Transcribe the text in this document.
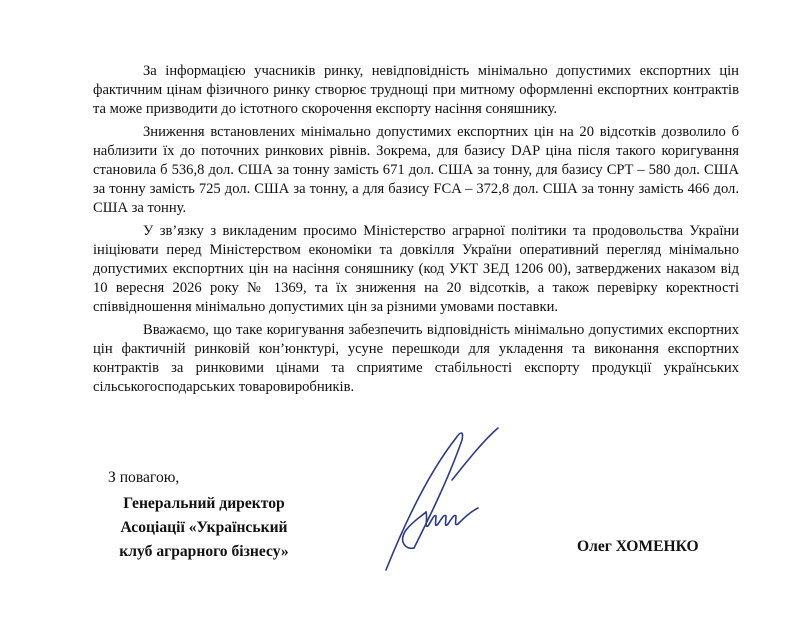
За інформацією учасників ринку, невідповідність мінімально допустимих експортних цін фактичним цінам фізичного ринку створює труднощі при митному оформленні експортних контрактів та може призводити до істотного скорочення експорту насіння соняшнику.

Зниження встановлених мінімально допустимих експортних цін на 20 відсотків дозволило б наблизити їх до поточних ринкових рівнів. Зокрема, для базису DAP ціна після такого коригування становила б 536,8 дол. США за тонну замість 671 дол. США за тонну, для базису CPT – 580 дол. США за тонну замість 725 дол. США за тонну, а для базису FCA – 372,8 дол. США за тонну замість 466 дол. США за тонну.

У зв’язку з викладеним просимо Міністерство аграрної політики та продовольства України ініціювати перед Міністерством економіки та довкілля України оперативний перегляд мінімально допустимих експортних цін на насіння соняшнику (код УКТ ЗЕД 1206 00), затверджених наказом від 10 вересня 2026 року № 1369, та їх зниження на 20 відсотків, а також перевірку коректності співвідношення мінімально допустимих цін за різними умовами поставки.

Вважаємо, що таке коригування забезпечить відповідність мінімально допустимих експортних цін фактичній ринковій кон’юнктурі, усуне перешкоди для укладення та виконання експортних контрактів за ринковими цінами та сприятиме стабільності експорту продукції українських сільськогосподарських товаровиробників.

З повагою,
Генеральний директор
Асоціації «Український
клуб аграрного бізнесу»	Олег ХОМЕНКО
